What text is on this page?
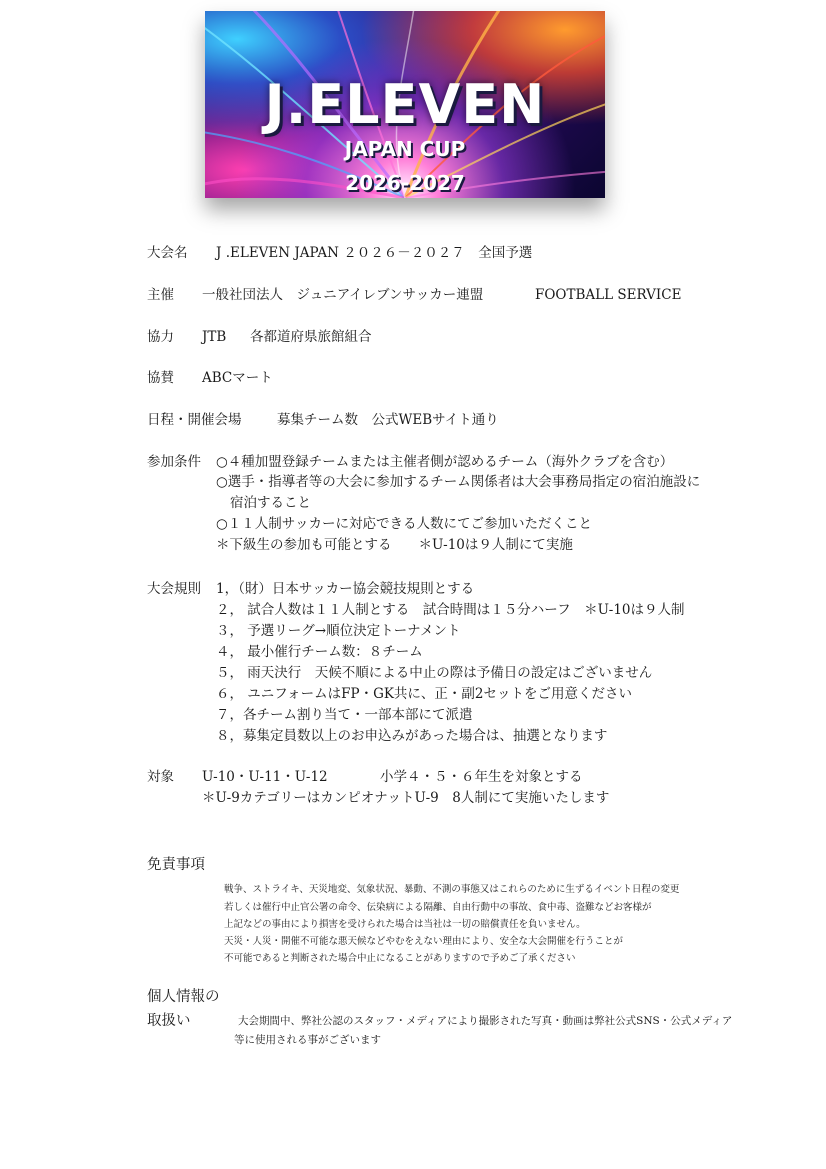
J.ELEVEN
JAPAN CUP
2026-2027
大会名 J .ELEVEN JAPAN ２０２６－２０２７　全国予選
主催 一般社団法人　ジュニアイレブンサッカー連盟	FOOTBALL SERVICE
協力 JTB 各都道府県旅館組合
協賛 ABCマート
日程・開催会場	募集チーム数　公式WEBサイト通り
参加条件 ○４種加盟登録チームまたは主催者側が認めるチーム（海外クラブを含む）
○選手・指導者等の大会に参加するチーム関係者は大会事務局指定の宿泊施設に
宿泊すること
○１１人制サッカーに対応できる人数にてご参加いただくこと
＊下級生の参加も可能とする　　＊U-10は９人制にて実施
大会規則 1，（財）日本サッカー協会競技規則とする
２， 試合人数は１１人制とする　試合時間は１５分ハーフ　＊U-10は９人制
３， 予選リーグ→順位決定トーナメント
４， 最小催行チーム数：８チーム
５， 雨天決行　天候不順による中止の際は予備日の設定はございません
６， ユニフォームはFP・GK共に、正・副2セットをご用意ください
７，各チーム割り当て・一部本部にて派遣
８，募集定員数以上のお申込みがあった場合は、抽選となります
対象 U-10・U-11・U-12	小学４・５・６年生を対象とする
＊U-9カテゴリーはカンピオナットU-9　8人制にて実施いたします
免責事項
戦争、ストライキ、天災地変、気象状況、暴動、不測の事態又はこれらのために生ずるイベント日程の変更
若しくは催行中止官公署の命令、伝染病による隔離、自由行動中の事故、食中毒、盗難などお客様が
上記などの事由により損害を受けられた場合は当社は一切の賠償責任を負いません。
天災・人災・開催不可能な悪天候などやむをえない理由により、安全な大会開催を行うことが
不可能であると判断された場合中止になることがありますので予めご了承ください
個人情報の
取扱い	大会期間中、弊社公認のスタッフ・メディアにより撮影された写真・動画は弊社公式SNS・公式メディア
等に使用される事がございます
